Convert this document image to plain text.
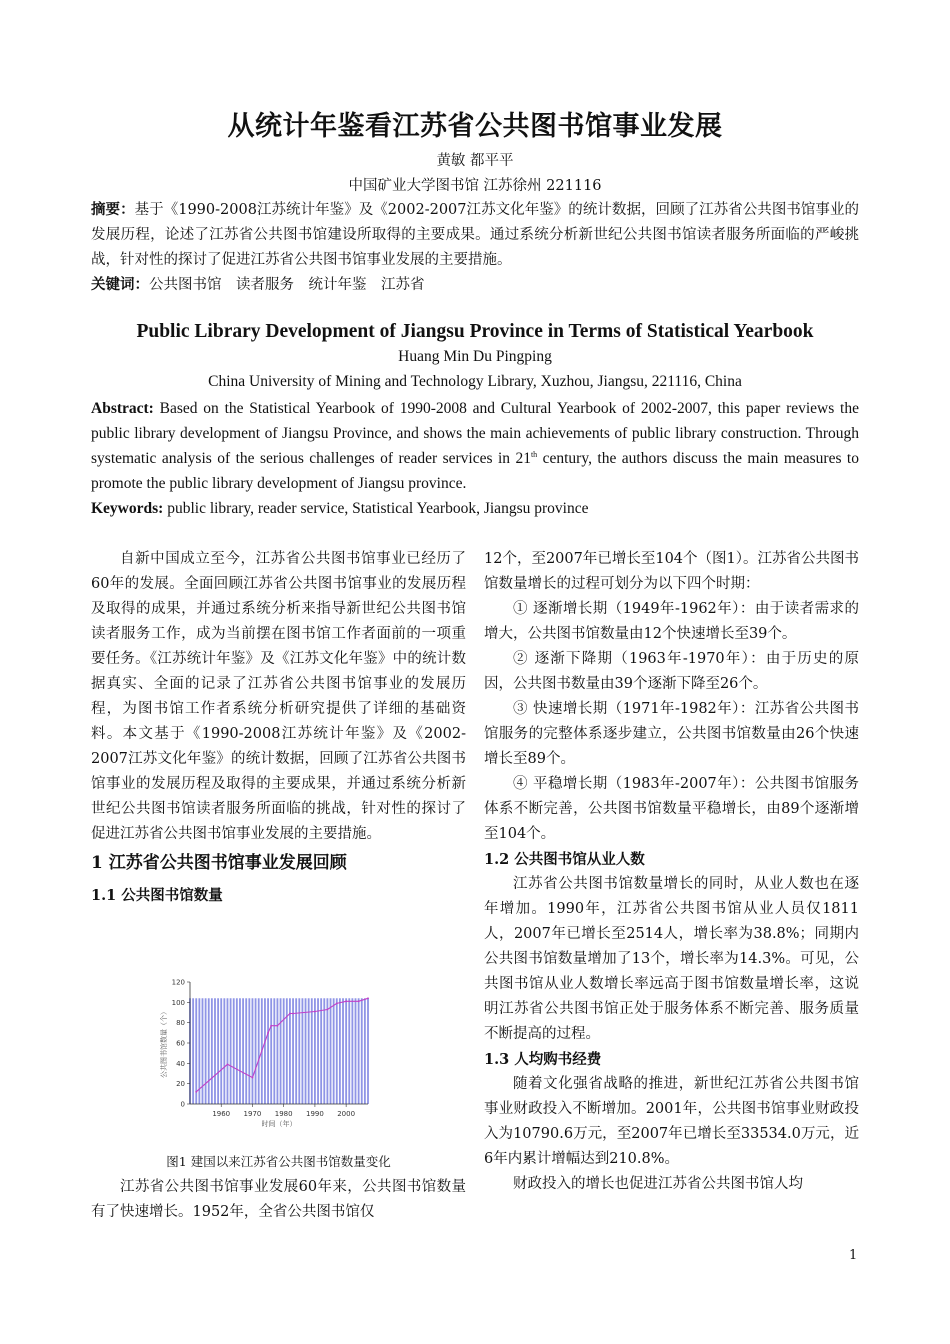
从统计年鉴看江苏省公共图书馆事业发展
黄敏 都平平
中国矿业大学图书馆 江苏徐州 221116
摘要：基于《1990-2008江苏统计年鉴》及《2002-2007江苏文化年鉴》的统计数据，回顾了江苏省公共图书馆事业的发展历程，论述了江苏省公共图书馆建设所取得的主要成果。通过系统分析新世纪公共图书馆读者服务所面临的严峻挑战，针对性的探讨了促进江苏省公共图书馆事业发展的主要措施。
关键词：公共图书馆　读者服务　统计年鉴　江苏省
Public Library Development of Jiangsu Province in Terms of Statistical Yearbook
Huang Min Du Pingping
China University of Mining and Technology Library, Xuzhou, Jiangsu, 221116, China
Abstract: Based on the Statistical Yearbook of 1990-2008 and Cultural Yearbook of 2002-2007, this paper reviews the public library development of Jiangsu Province, and shows the main achievements of public library construction. Through systematic analysis of the serious challenges of reader services in 21th century, the authors discuss the main measures to promote the public library development of Jiangsu province.
Keywords: public library, reader service, Statistical Yearbook, Jiangsu province

自新中国成立至今，江苏省公共图书馆事业已经历了60年的发展。全面回顾江苏省公共图书馆事业的发展历程及取得的成果，并通过系统分析来指导新世纪公共图书馆读者服务工作，成为当前摆在图书馆工作者面前的一项重要任务。《江苏统计年鉴》及《江苏文化年鉴》中的统计数据真实、全面的记录了江苏省公共图书馆事业的发展历程，为图书馆工作者系统分析研究提供了详细的基础资料。本文基于《1990-2008江苏统计年鉴》及《2002-2007江苏文化年鉴》的统计数据，回顾了江苏省公共图书馆事业的发展历程及取得的主要成果，并通过系统分析新世纪公共图书馆读者服务所面临的挑战，针对性的探讨了促进江苏省公共图书馆事业发展的主要措施。

1 江苏省公共图书馆事业发展回顾

1.1 公共图书馆数量

0
20
40
60
80
100
120
1960 1970 1980 1990 2000
时间（年）
公共图书馆数量（个）
图1 建国以来江苏省公共图书馆数量变化

江苏省公共图书馆事业发展60年来，公共图书馆数量有了快速增长。1952年，全省公共图书馆仅

12个，至2007年已增长至104个（图1）。江苏省公共图书馆数量增长的过程可划分为以下四个时期：

① 逐渐增长期（1949年-1962年）：由于读者需求的增大，公共图书馆数量由12个快速增长至39个。

② 逐渐下降期（1963年-1970年）：由于历史的原因，公共图书数量由39个逐渐下降至26个。

③ 快速增长期（1971年-1982年）：江苏省公共图书馆服务的完整体系逐步建立，公共图书馆数量由26个快速增长至89个。

④ 平稳增长期（1983年-2007年）：公共图书馆服务体系不断完善，公共图书馆数量平稳增长，由89个逐渐增至104个。

1.2 公共图书馆从业人数

江苏省公共图书馆数量增长的同时，从业人数也在逐年增加。1990年，江苏省公共图书馆从业人员仅1811人，2007年已增长至2514人，增长率为38.8%；同期内公共图书馆数量增加了13个，增长率为14.3%。可见，公共图书馆从业人数增长率远高于图书馆数量增长率，这说明江苏省公共图书馆正处于服务体系不断完善、服务质量不断提高的过程。

1.3 人均购书经费

随着文化强省战略的推进，新世纪江苏省公共图书馆事业财政投入不断增加。2001年，公共图书馆事业财政投入为10790.6万元，至2007年已增长至33534.0万元，近6年内累计增幅达到210.8%。

财政投入的增长也促进江苏省公共图书馆人均

1
